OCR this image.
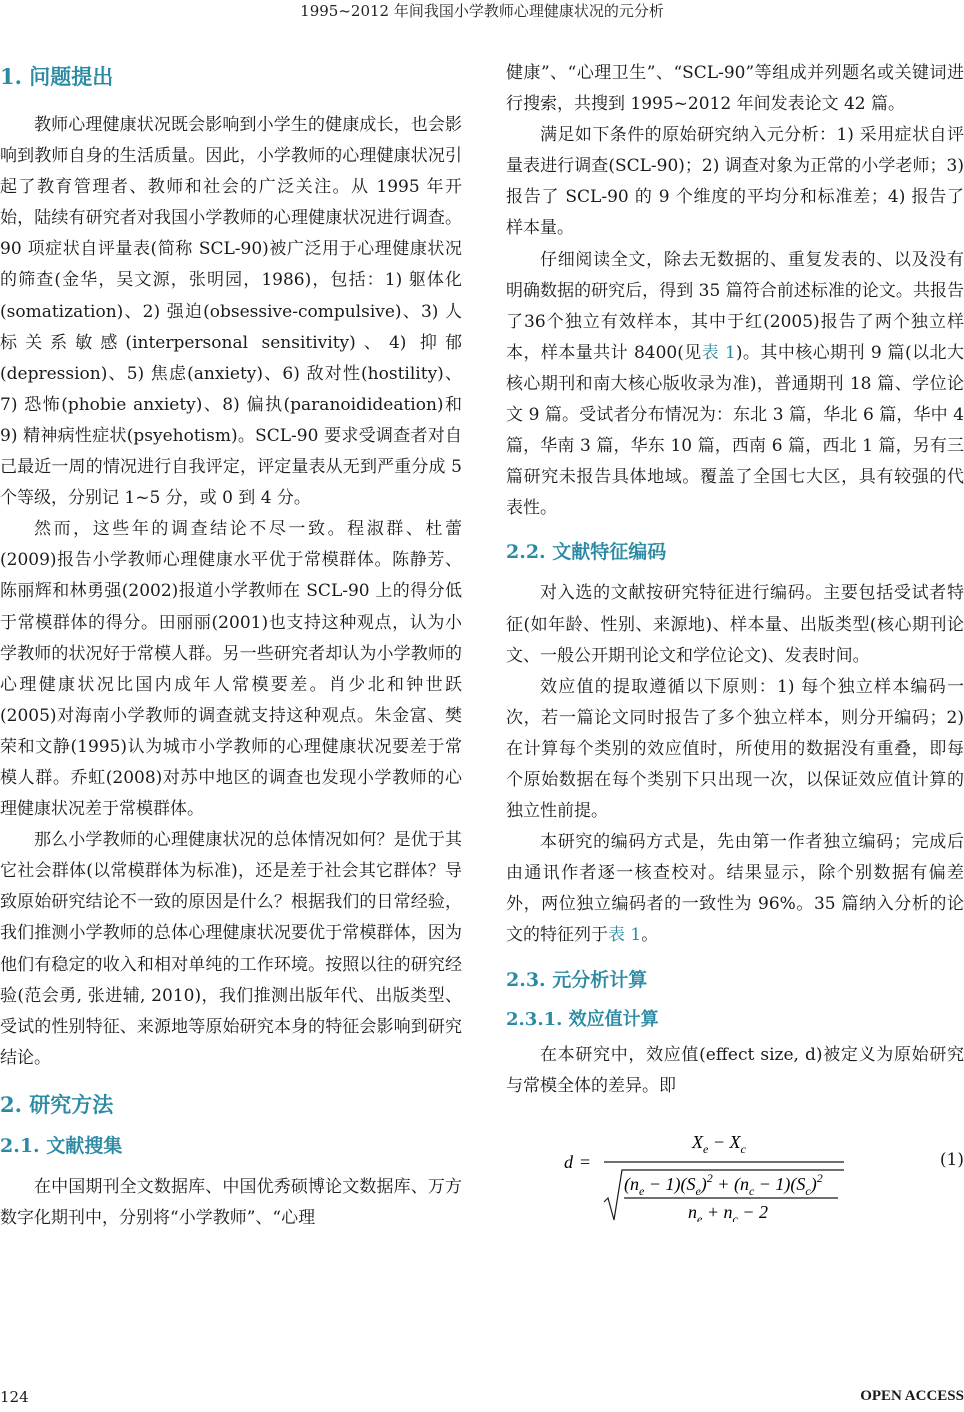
1995~2012 年间我国小学教师心理健康状况的元分析
1. 问题提出

教师心理健康状况既会影响到小学生的健康成长，也会影响到教师自身的生活质量。因此，小学教师的心理健康状况引起了教育管理者、教师和社会的广泛关注。从 1995 年开始，陆续有研究者对我国小学教师的心理健康状况进行调查。90 项症状自评量表(简称 SCL-90)被广泛用于心理健康状况的筛查(金华，吴文源，张明园，1986)，包括：1) 躯体化(somatization)、2) 强迫(obsessive-compulsive)、3) 人标关系敏感(interpersonal sensitivity)、4) 抑郁(depression)、5) 焦虑(anxiety)、6) 敌对性(hostility)、7) 恐怖(phobie anxiety)、8) 偏执(paranoidideation)和 9) 精神病性症状(psyehotism)。SCL-90 要求受调查者对自己最近一周的情况进行自我评定，评定量表从无到严重分成 5 个等级，分别记 1~5 分，或 0 到 4 分。

然而，这些年的调查结论不尽一致。程淑群、杜蕾(2009)报告小学教师心理健康水平优于常模群体。陈静芳、陈丽辉和林勇强(2002)报道小学教师在 SCL-90 上的得分低于常模群体的得分。田丽丽(2001)也支持这种观点，认为小学教师的状况好于常模人群。另一些研究者却认为小学教师的心理健康状况比国内成年人常模要差。肖少北和钟世跃(2005)对海南小学教师的调查就支持这种观点。朱金富、樊荣和文静(1995)认为城市小学教师的心理健康状况要差于常模人群。乔虹(2008)对苏中地区的调查也发现小学教师的心理健康状况差于常模群体。

那么小学教师的心理健康状况的总体情况如何？是优于其它社会群体(以常模群体为标准)，还是差于社会其它群体？导致原始研究结论不一致的原因是什么？根据我们的日常经验，我们推测小学教师的总体心理健康状况要优于常模群体，因为他们有稳定的收入和相对单纯的工作环境。按照以往的研究经验(范会勇, 张进辅, 2010)，我们推测出版年代、出版类型、受试的性别特征、来源地等原始研究本身的特征会影响到研究结论。

2. 研究方法
2.1. 文献搜集

在中国期刊全文数据库、中国优秀硕博论文数据库、万方数字化期刊中，分别将“小学教师”、“心理

健康”、“心理卫生”、“SCL-90”等组成并列题名或关键词进行搜索，共搜到 1995~2012 年间发表论文 42 篇。

满足如下条件的原始研究纳入元分析：1) 采用症状自评量表进行调查(SCL-90)；2) 调查对象为正常的小学老师；3) 报告了 SCL-90 的 9 个维度的平均分和标准差；4) 报告了样本量。

仔细阅读全文，除去无数据的、重复发表的、以及没有明确数据的研究后，得到 35 篇符合前述标准的论文。共报告了36个独立有效样本，其中于红(2005)报告了两个独立样本，样本量共计 8400(见表 1)。其中核心期刊 9 篇(以北大核心期刊和南大核心版收录为准)，普通期刊 18 篇、学位论文 9 篇。受试者分布情况为：东北 3 篇，华北 6 篇，华中 4 篇，华南 3 篇，华东 10 篇，西南 6 篇，西北 1 篇，另有三篇研究未报告具体地域。覆盖了全国七大区，具有较强的代表性。

2.2. 文献特征编码

对入选的文献按研究特征进行编码。主要包括受试者特征(如年龄、性别、来源地)、样本量、出版类型(核心期刊论文、一般公开期刊论文和学位论文)、发表时间。

效应值的提取遵循以下原则：1) 每个独立样本编码一次，若一篇论文同时报告了多个独立样本，则分开编码；2) 在计算每个类别的效应值时，所使用的数据没有重叠，即每个原始数据在每个类别下只出现一次，以保证效应值计算的独立性前提。

本研究的编码方式是，先由第一作者独立编码；完成后由通讯作者逐一核查校对。结果显示，除个别数据有偏差外，两位独立编码者的一致性为 96%。35 篇纳入分析的论文的特征列于表 1。

2.3. 元分析计算
2.3.1. 效应值计算

在本研究中，效应值(effect size, d)被定义为原始研究与常模全体的差异。即

d =
$X_e - X_c$
$(n_e - 1)(S_e)^2 + (n_c - 1)(S_c)^2$
$n_e + n_c - 2$
(1)
124	OPEN ACCESS
